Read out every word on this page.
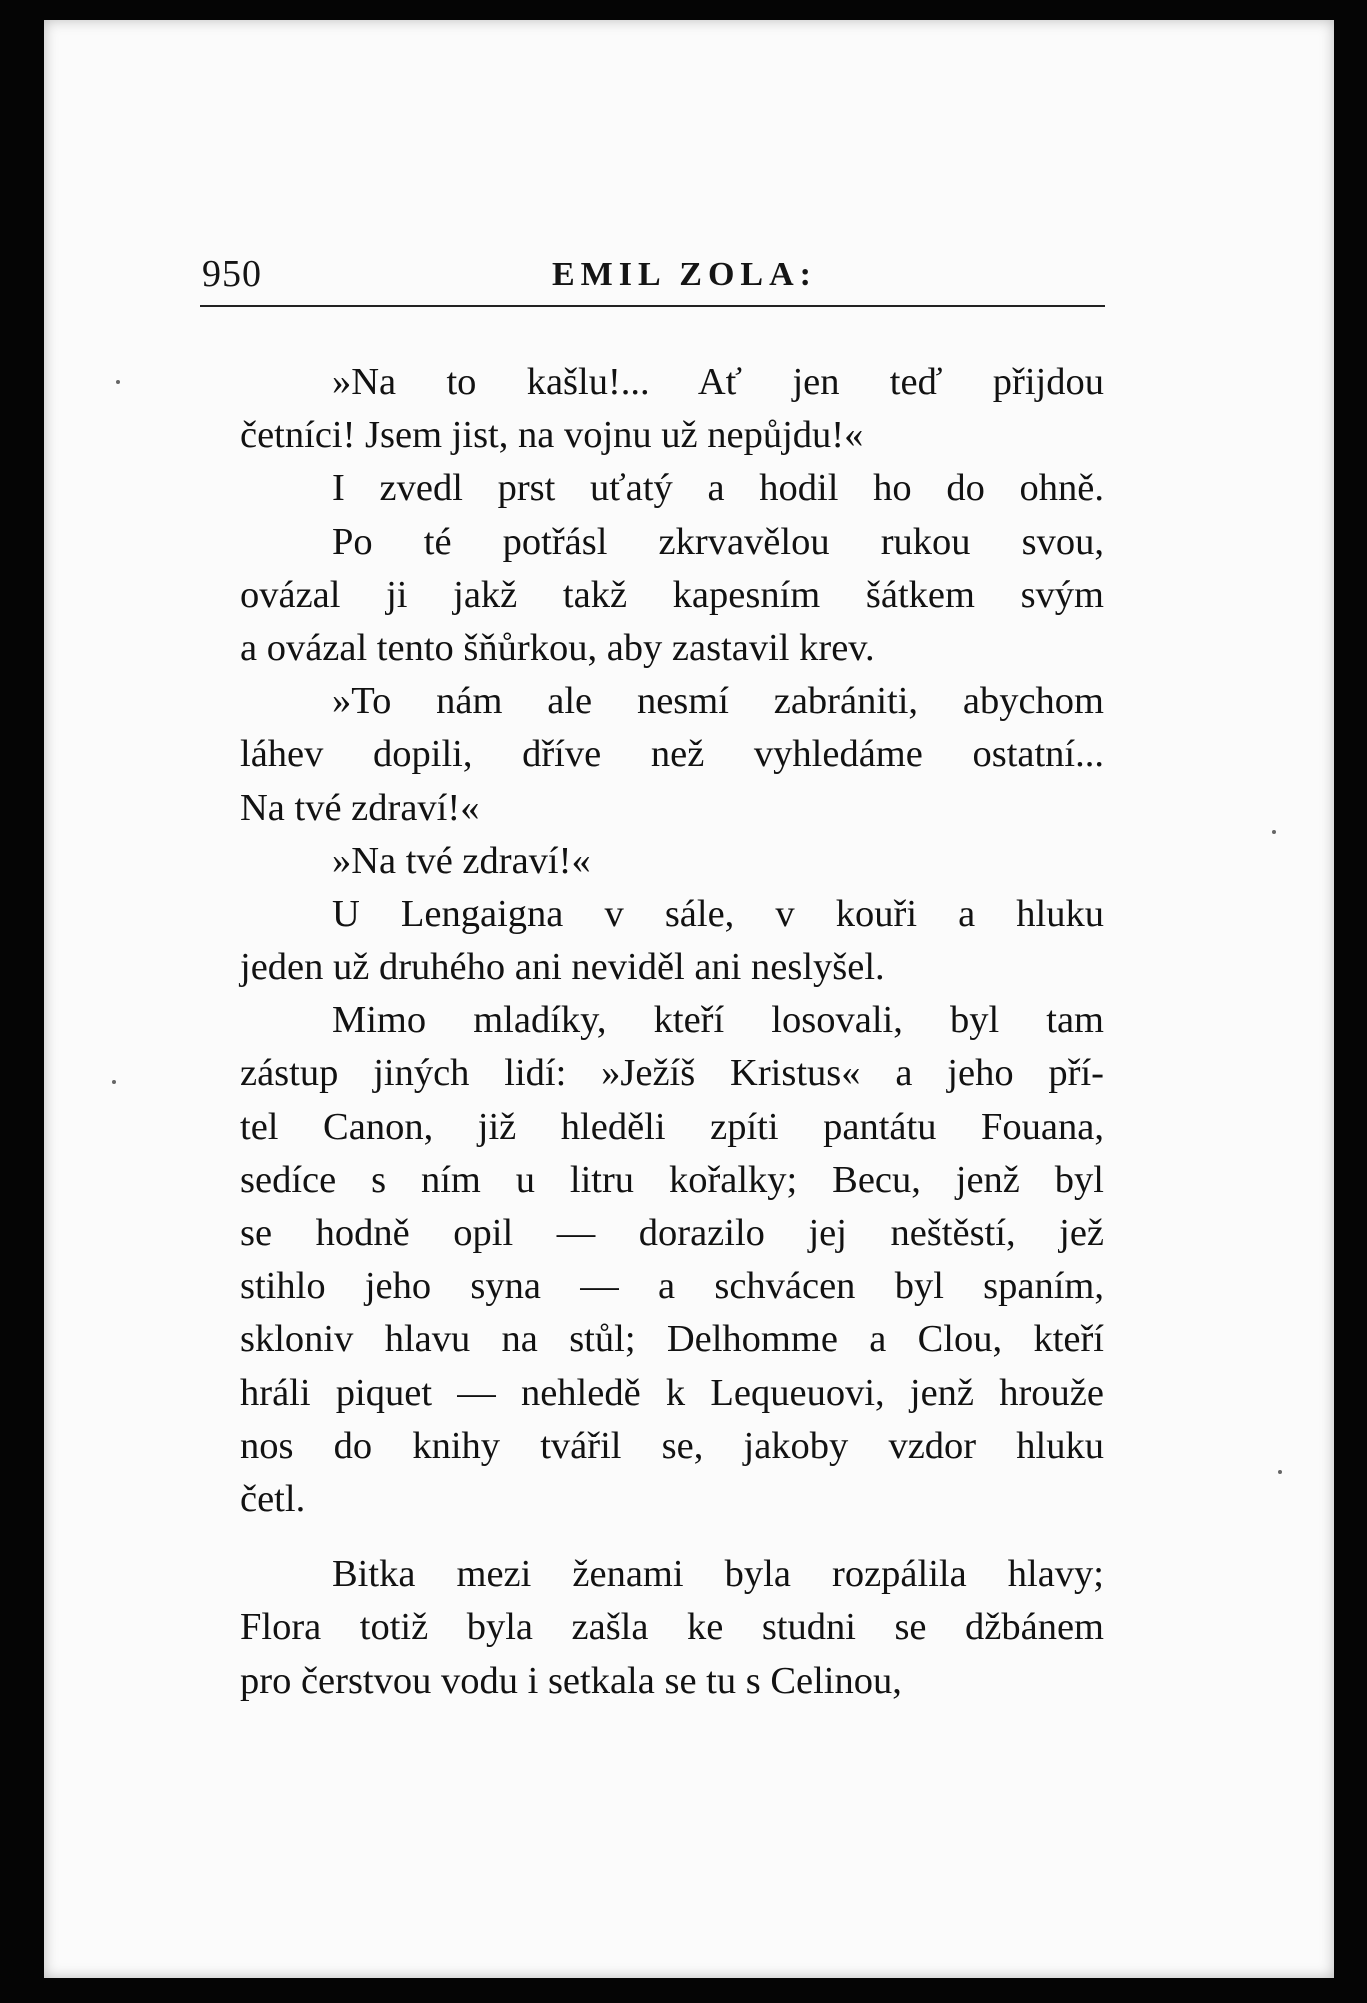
950	EMIL ZOLA:
»Na to kašlu!... Ať jen teď přijdou
četníci! Jsem jist, na vojnu už nepůjdu!«
I zvedl prst uťatý a hodil ho do ohně.
Po té potřásl zkrvavělou rukou svou,
ovázal ji jakž takž kapesním šátkem svým
a ovázal tento šňůrkou, aby zastavil krev.
»To nám ale nesmí zabrániti, abychom
láhev dopili, dříve než vyhledáme ostatní...
Na tvé zdraví!«
»Na tvé zdraví!«
U Lengaigna v sále, v kouři a hluku
jeden už druhého ani neviděl ani neslyšel.
Mimo mladíky, kteří losovali, byl tam
zástup jiných lidí: »Ježíš Kristus« a jeho pří-
tel Canon, již hleděli zpíti pantátu Fouana,
sedíce s ním u litru kořalky; Becu, jenž byl
se hodně opil — dorazilo jej neštěstí, jež
stihlo jeho syna — a schvácen byl spaním,
skloniv hlavu na stůl; Delhomme a Clou, kteří
hráli piquet — nehledě k Lequeuovi, jenž hrouže
nos do knihy tvářil se, jakoby vzdor hluku
četl.
Bitka mezi ženami byla rozpálila hlavy;
Flora totiž byla zašla ke studni se džbánem
pro čerstvou vodu i setkala se tu s Celinou,
